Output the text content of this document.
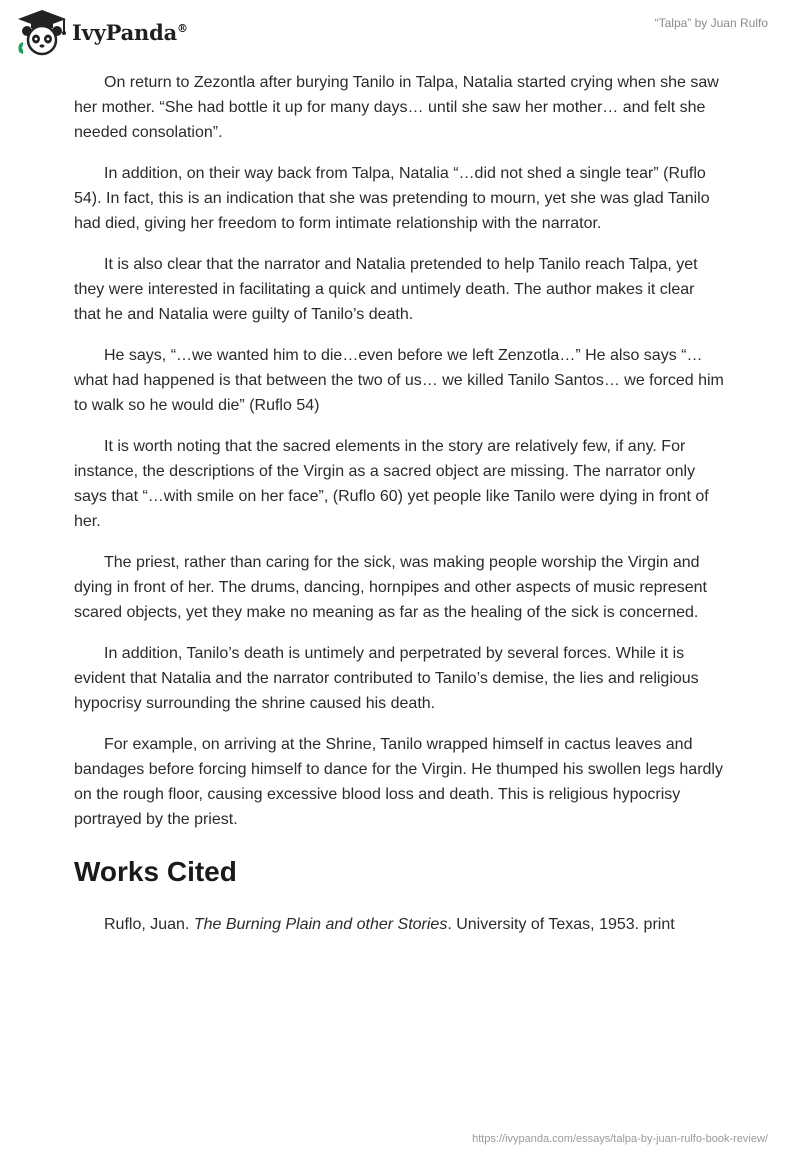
IvyPanda®	“Talpa” by Juan Rulfo

On return to Zezontla after burying Tanilo in Talpa, Natalia started crying when she saw her mother. “She had bottle it up for many days… until she saw her mother… and felt she needed consolation”.

In addition, on their way back from Talpa, Natalia “…did not shed a single tear” (Ruflo 54). In fact, this is an indication that she was pretending to mourn, yet she was glad Tanilo had died, giving her freedom to form intimate relationship with the narrator.

It is also clear that the narrator and Natalia pretended to help Tanilo reach Talpa, yet they were interested in facilitating a quick and untimely death. The author makes it clear that he and Natalia were guilty of Tanilo’s death.

He says, “…we wanted him to die…even before we left Zenzotla…” He also says “…what had happened is that between the two of us… we killed Tanilo Santos… we forced him to walk so he would die” (Ruflo 54)

It is worth noting that the sacred elements in the story are relatively few, if any. For instance, the descriptions of the Virgin as a sacred object are missing. The narrator only says that “…with smile on her face”, (Ruflo 60) yet people like Tanilo were dying in front of her.

The priest, rather than caring for the sick, was making people worship the Virgin and dying in front of her. The drums, dancing, hornpipes and other aspects of music represent scared objects, yet they make no meaning as far as the healing of the sick is concerned.

In addition, Tanilo’s death is untimely and perpetrated by several forces. While it is evident that Natalia and the narrator contributed to Tanilo’s demise, the lies and religious hypocrisy surrounding the shrine caused his death.

For example, on arriving at the Shrine, Tanilo wrapped himself in cactus leaves and bandages before forcing himself to dance for the Virgin. He thumped his swollen legs hardly on the rough floor, causing excessive blood loss and death. This is religious hypocrisy portrayed by the priest.

Works Cited

Ruflo, Juan. The Burning Plain and other Stories. University of Texas, 1953. print

https://ivypanda.com/essays/talpa-by-juan-rulfo-book-review/
